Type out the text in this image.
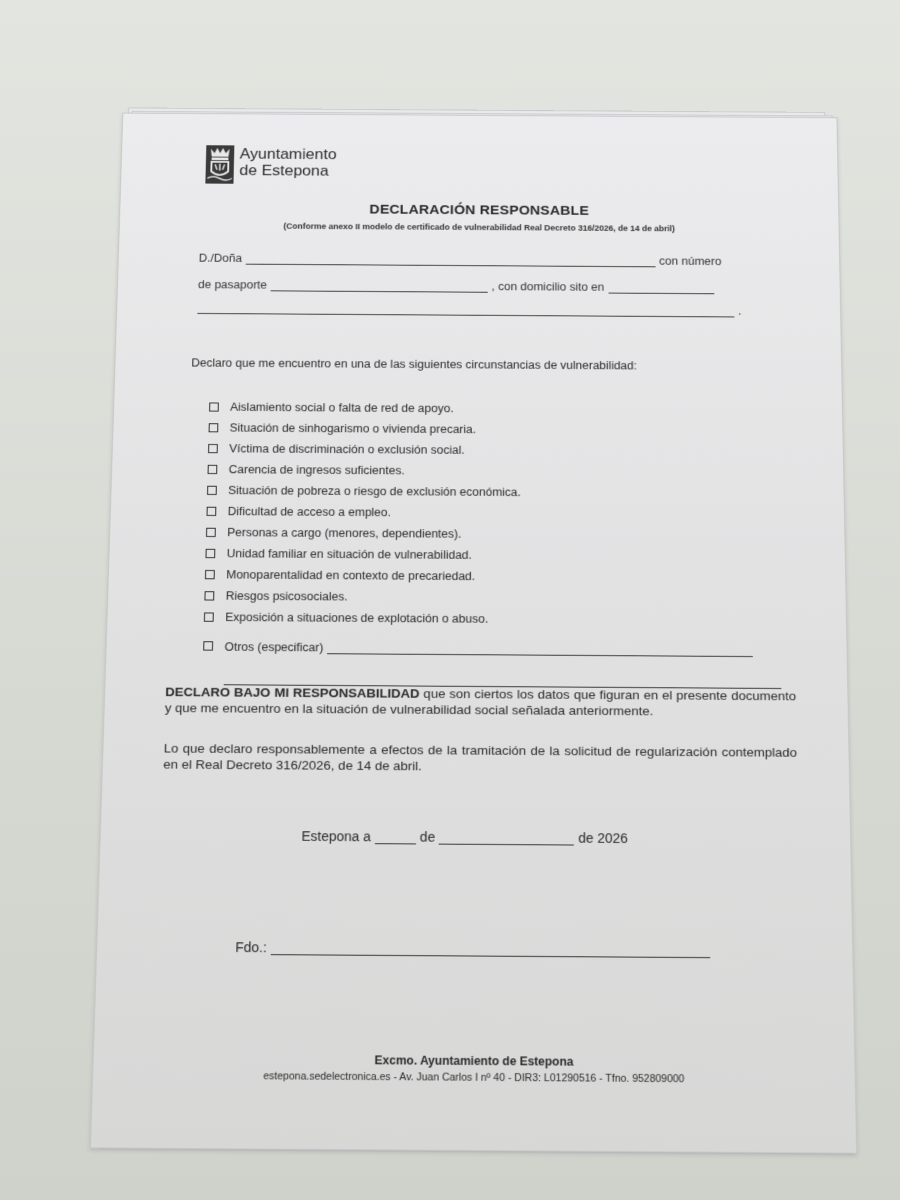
Ayuntamiento
de Estepona
DECLARACIÓN RESPONSABLE
(Conforme anexo II modelo de certificado de vulnerabilidad Real Decreto 316/2026, de 14 de abril)
D./Doña	con número
de pasaporte	, con domicilio sito en
.
Declaro que me encuentro en una de las siguientes circunstancias de vulnerabilidad:
Aislamiento social o falta de red de apoyo.
Situación de sinhogarismo o vivienda precaria.
Víctima de discriminación o exclusión social.
Carencia de ingresos suficientes.
Situación de pobreza o riesgo de exclusión económica.
Dificultad de acceso a empleo.
Personas a cargo (menores, dependientes).
Unidad familiar en situación de vulnerabilidad.
Monoparentalidad en contexto de precariedad.
Riesgos psicosociales.
Exposición a situaciones de explotación o abuso.
Otros (especificar)

DECLARO BAJO MI RESPONSABILIDAD que son ciertos los datos que figuran en el presente documento y que me encuentro en la situación de vulnerabilidad social señalada anteriormente.

Lo que declaro responsablemente a efectos de la tramitación de la solicitud de regularización contemplado en el Real Decreto 316/2026, de 14 de abril.

Estepona a	de	de 2026
Fdo.:
Excmo. Ayuntamiento de Estepona
estepona.sedelectronica.es - Av. Juan Carlos I nº 40 - DIR3: L01290516 - Tfno. 952809000
